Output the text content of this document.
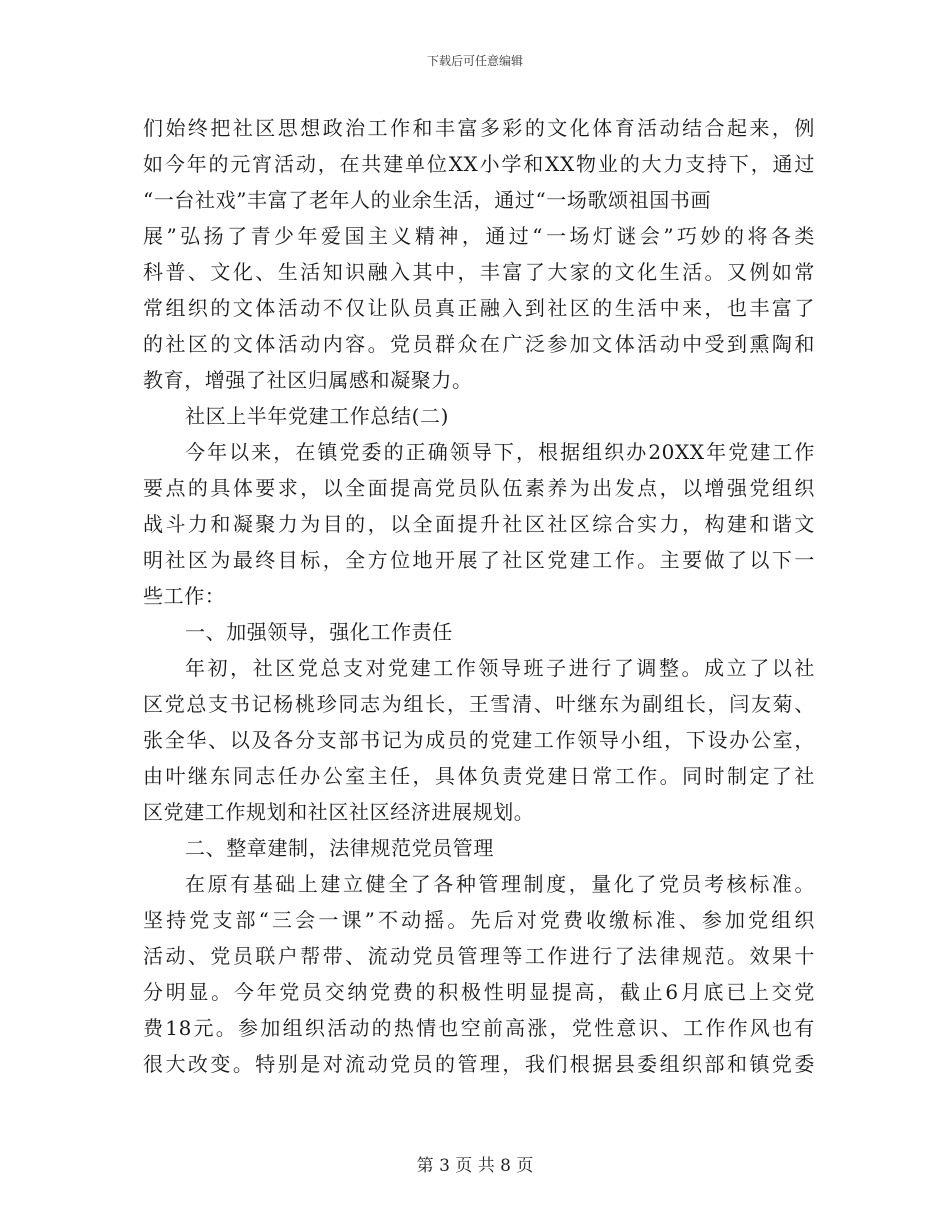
下载后可任意编辑
们始终把社区思想政治工作和丰富多彩的文化体育活动结合起来，例
如今年的元宵活动，在共建单位XX小学和XX物业的大力支持下，通过
“一台社戏”丰富了老年人的业余生活，通过“一场歌颂祖国书画
展”弘扬了青少年爱国主义精神，通过“一场灯谜会”巧妙的将各类
科普、文化、生活知识融入其中，丰富了大家的文化生活。又例如常
常组织的文体活动不仅让队员真正融入到社区的生活中来，也丰富了
的社区的文体活动内容。党员群众在广泛参加文体活动中受到熏陶和
教育，增强了社区归属感和凝聚力。
社区上半年党建工作总结(二)
今年以来，在镇党委的正确领导下，根据组织办20XX年党建工作
要点的具体要求，以全面提高党员队伍素养为出发点，以增强党组织
战斗力和凝聚力为目的，以全面提升社区社区综合实力，构建和谐文
明社区为最终目标，全方位地开展了社区党建工作。主要做了以下一
些工作：
一、加强领导，强化工作责任
年初，社区党总支对党建工作领导班子进行了调整。成立了以社
区党总支书记杨桃珍同志为组长，王雪清、叶继东为副组长，闫友菊、
张全华、以及各分支部书记为成员的党建工作领导小组，下设办公室，
由叶继东同志任办公室主任，具体负责党建日常工作。同时制定了社
区党建工作规划和社区社区经济进展规划。
二、整章建制，法律规范党员管理
在原有基础上建立健全了各种管理制度，量化了党员考核标准。
坚持党支部“三会一课”不动摇。先后对党费收缴标准、参加党组织
活动、党员联户帮带、流动党员管理等工作进行了法律规范。效果十
分明显。今年党员交纳党费的积极性明显提高，截止6月底已上交党
费18元。参加组织活动的热情也空前高涨，党性意识、工作作风也有
很大改变。特别是对流动党员的管理，我们根据县委组织部和镇党委
第 3 页 共 8 页
